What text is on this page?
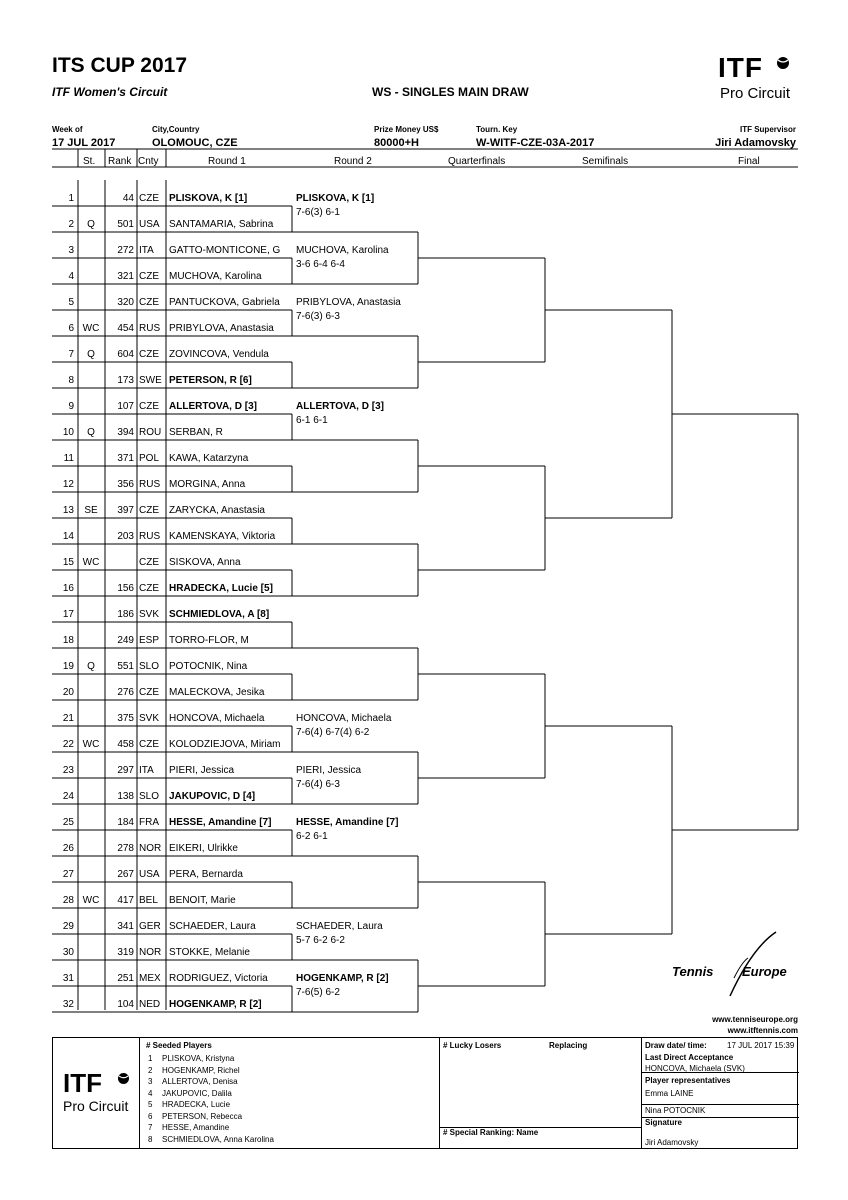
ITS CUP 2017
ITF Women's Circuit	WS - SINGLES MAIN DRAW
ITF
Pro Circuit
Week of
17 JUL 2017
City,Country
OLOMOUC, CZE
Prize Money US$
80000+H
Tourn. Key
W-WITF-CZE-03A-2017
ITF Supervisor
Jiri Adamovsky
St. Rank Cnty	Round 1	Round 2	Quarterfinals	Semifinals	Final
1	44 CZE	PLISKOVA, K [1]
2	Q	501 USA SANTAMARIA, Sabrina
3	272 ITA	GATTO-MONTICONE, G
4	321 CZE	MUCHOVA, Karolina
5	320 CZE	PANTUCKOVA, Gabriela
6 WC	454 RUS PRIBYLOVA, Anastasia
7	Q	604 CZE	ZOVINCOVA, Vendula
8	173 SWE PETERSON, R [6]
9	107 CZE	ALLERTOVA, D [3]
10	Q	394 ROU SERBAN, R
11	371 POL KAWA, Katarzyna
12	356 RUS MORGINA, Anna
13	SE	397 CZE	ZARYCKA, Anastasia
14	203 RUS KAMENSKAYA, Viktoria
15 WC	CZE	SISKOVA, Anna
16	156 CZE	HRADECKA, Lucie [5]
17	186 SVK SCHMIEDLOVA, A [8]
18	249 ESP TORRO-FLOR, M
19	Q	551 SLO POTOCNIK, Nina
20	276 CZE	MALECKOVA, Jesika
21	375 SVK HONCOVA, Michaela
22 WC	458 CZE	KOLODZIEJOVA, Miriam
23	297 ITA	PIERI, Jessica
24	138 SLO JAKUPOVIC, D [4]
25	184 FRA	HESSE, Amandine [7]
26	278 NOR EIKERI, Ulrikke
27	267 USA PERA, Bernarda
28 WC	417 BEL	BENOIT, Marie
29	341 GER SCHAEDER, Laura
30	319 NOR STOKKE, Melanie
31	251 MEX RODRIGUEZ, Victoria
32	104 NED HOGENKAMP, R [2]
PLISKOVA, K [1]
7-6(3) 6-1
MUCHOVA, Karolina
3-6 6-4 6-4
PRIBYLOVA, Anastasia
7-6(3) 6-3
ALLERTOVA, D [3]
6-1 6-1
HONCOVA, Michaela
7-6(4) 6-7(4) 6-2
PIERI, Jessica
7-6(4) 6-3
HESSE, Amandine [7]
6-2 6-1
SCHAEDER, Laura
5-7 6-2 6-2
HOGENKAMP, R [2]
7-6(5) 6-2
Tennis Europe
www.tenniseurope.org
www.itftennis.com
ITF
Pro Circuit
# Seeded Players
1 PLISKOVA, Kristyna
2 HOGENKAMP, Richel
3 ALLERTOVA, Denisa
4 JAKUPOVIC, Dalila
5 HRADECKA, Lucie
6 PETERSON, Rebecca
7 HESSE, Amandine
8 SCHMIEDLOVA, Anna Karolina
# Lucky Losers	Replacing
# Special Ranking: Name
Draw date/ time:	17 JUL 2017 15:39
Last Direct Acceptance
HONCOVA, Michaela (SVK)
Player representatives
Emma LAINE
Nina POTOCNIK
Signature
Jiri Adamovsky
